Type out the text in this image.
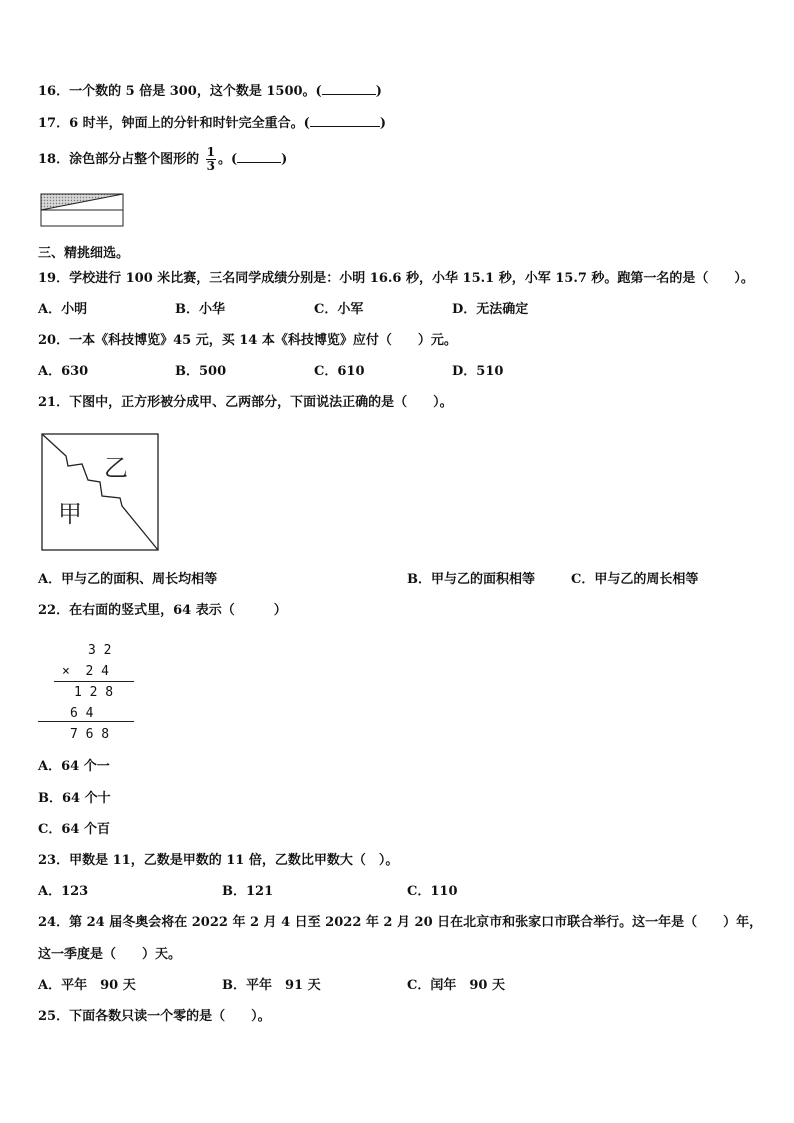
16．一个数的 5 倍是 300，这个数是 1500。(	)
17．6 时半，钟面上的分针和时针完全重合。(	)
18．涂色部分占整个图形的 $\frac{1}{3}$ 。(	)
三、精挑细选。
19．学校进行 100 米比赛，三名同学成绩分别是：小明 16.6 秒，小华 15.1 秒，小军 15.7 秒。跑第一名的是（　　）。
A．小明	B．小华	C．小军	D．无法确定
20．一本《科技博览》45 元，买 14 本《科技博览》应付（　　）元。
A．630	B．500	C．610	D．510
21．下图中，正方形被分成甲、乙两部分，下面说法正确的是（　　）。
乙
甲
A．甲与乙的面积、周长均相等	B．甲与乙的面积相等	C．甲与乙的周长相等
22．在右面的竖式里，64 表示（　　　）
3 2
×  2 4
1 2 8
6 4
7 6 8
A．64 个一
B．64 个十
C．64 个百
23．甲数是 11，乙数是甲数的 11 倍，乙数比甲数大（　）。
A．123	B．121	C．110
24．第 24 届冬奥会将在 2022 年 2 月 4 日至 2022 年 2 月 20 日在北京市和张家口市联合举行。这一年是（　　）年，
这一季度是（　　）天。
A．平年　90 天	B．平年　91 天	C．闰年　90 天
25．下面各数只读一个零的是（　　）。
